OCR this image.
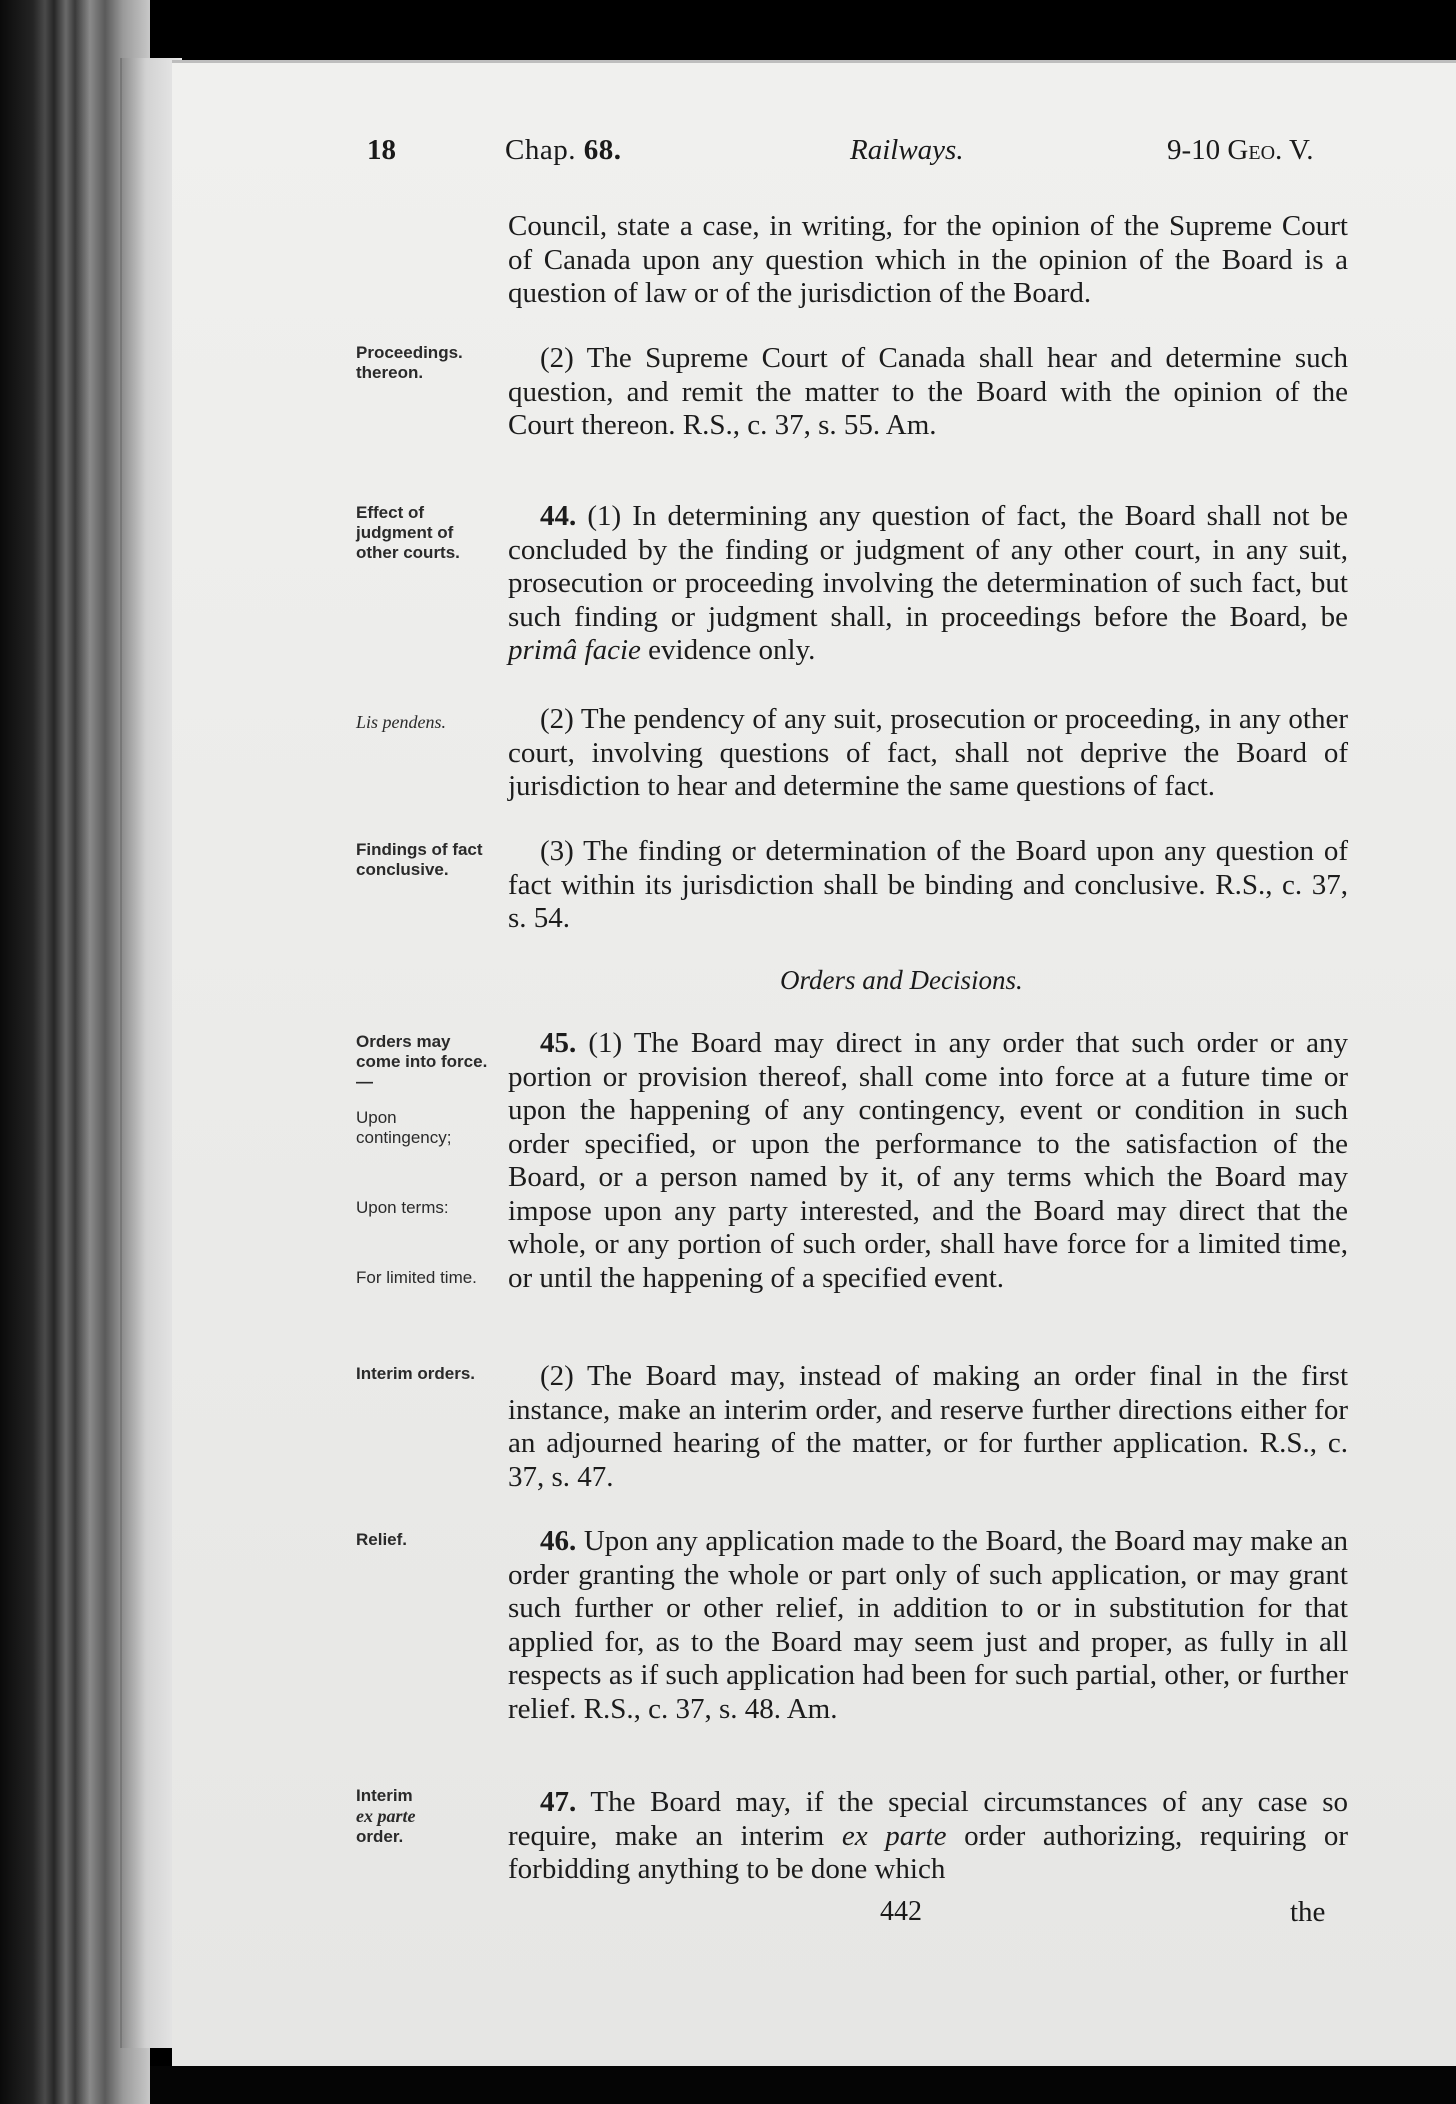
18	Chap. 68.	Railways.	9-10 Geo. V.
Council, state a case, in writing, for the opinion of the Supreme Court of Canada upon any question which in the opinion of the Board is a question of law or of the jurisdiction of the Board.
Proceedings. thereon.	(2) The Supreme Court of Canada shall hear and determine such question, and remit the matter to the Board with the opinion of the Court thereon. R.S., c. 37, s. 55. Am.
Effect of judgment of other courts.
44. (1) In determining any question of fact, the Board shall not be concluded by the finding or judgment of any other court, in any suit, prosecution or proceeding involving the determination of such fact, but such finding or judgment shall, in proceedings before the Board, be primâ facie evidence only.
Lis pendens.	(2) The pendency of any suit, prosecution or proceeding, in any other court, involving questions of fact, shall not deprive the Board of jurisdiction to hear and determine the same questions of fact.
Findings of fact conclusive.
(3) The finding or determination of the Board upon any question of fact within its jurisdiction shall be binding and conclusive. R.S., c. 37, s. 54.
Orders and Decisions.
Orders may come into force.—
Upon contingency;
Upon terms:
For limited time.
45. (1) The Board may direct in any order that such order or any portion or provision thereof, shall come into force at a future time or upon the happening of any contingency, event or condition in such order specified, or upon the performance to the satisfaction of the Board, or a person named by it, of any terms which the Board may impose upon any party interested, and the Board may direct that the whole, or any portion of such order, shall have force for a limited time, or until the happening of a specified event.
Interim orders.	(2) The Board may, instead of making an order final in the first instance, make an interim order, and reserve further directions either for an adjourned hearing of the matter, or for further application. R.S., c. 37, s. 47.
Relief.	46. Upon any application made to the Board, the Board may make an order granting the whole or part only of such application, or may grant such further or other relief, in addition to or in substitution for that applied for, as to the Board may seem just and proper, as fully in all respects as if such application had been for such partial, other, or further relief. R.S., c. 37, s. 48. Am.
Interim
ex parte
order.
47. The Board may, if the special circumstances of any case so require, make an interim ex parte order authorizing, requiring or forbidding anything to be done which
442	the
